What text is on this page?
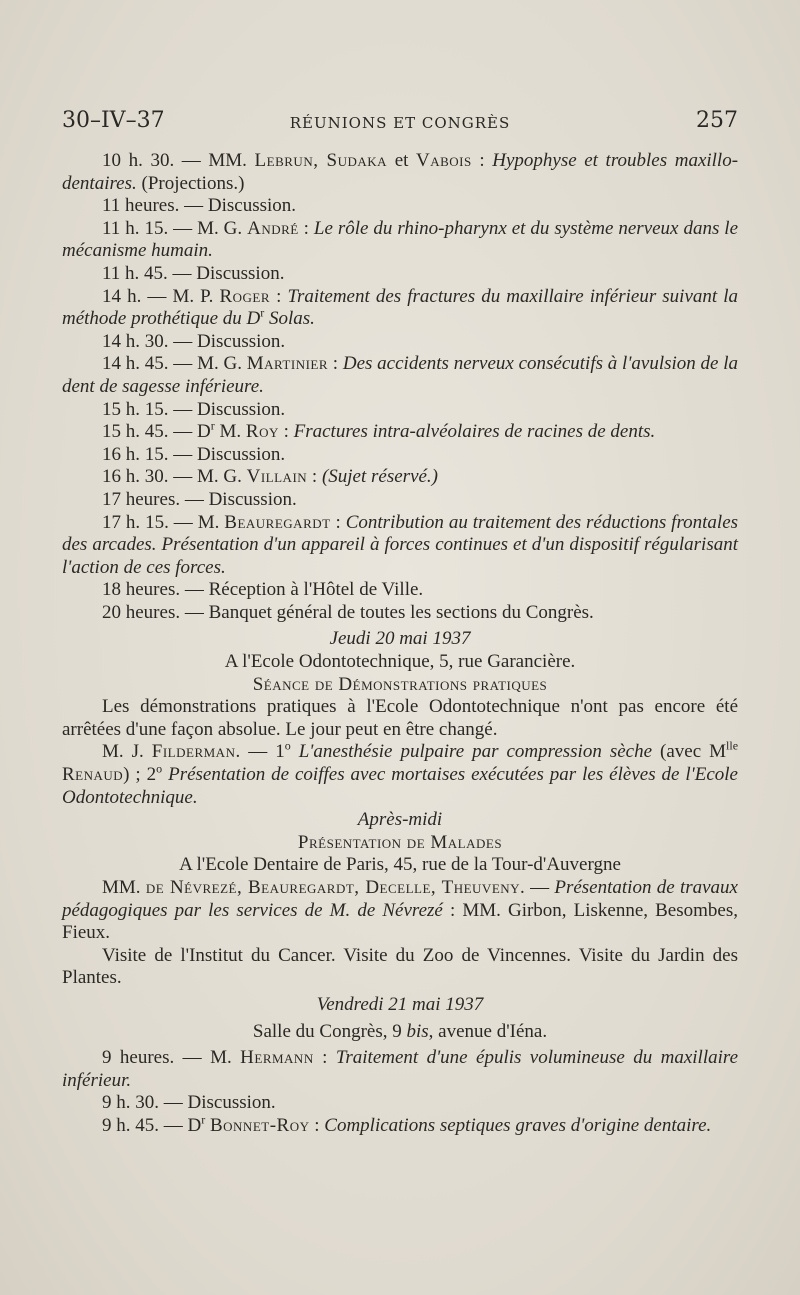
30–IV–37	RÉUNIONS ET CONGRÈS	257

10 h. 30. — MM. Lebrun, Sudaka et Vabois : Hypophyse et troubles maxillo-dentaires. (Projections.)

11 heures. — Discussion.

11 h. 15. — M. G. André : Le rôle du rhino-pharynx et du système nerveux dans le mécanisme humain.

11 h. 45. — Discussion.

14 h. — M. P. Roger : Traitement des fractures du maxillaire inférieur suivant la méthode prothétique du $D^r$ Solas.

14 h. 30. — Discussion.

14 h. 45. — M. G. Martinier : Des accidents nerveux consécutifs à l'avulsion de la dent de sagesse inférieure.

15 h. 15. — Discussion.

15 h. 45. — $D^r$ M. Roy : Fractures intra-alvéolaires de racines de dents.

16 h. 15. — Discussion.

16 h. 30. — M. G. Villain : (Sujet réservé.)

17 heures. — Discussion.

17 h. 15. — M. Beauregardt : Contribution au traitement des réductions frontales des arcades. Présentation d'un appareil à forces continues et d'un dispositif régularisant l'action de ces forces.

18 heures. — Réception à l'Hôtel de Ville.

20 heures. — Banquet général de toutes les sections du Congrès.

Jeudi 20 mai 1937

A l'Ecole Odontotechnique, 5, rue Garancière.

Séance de Démonstrations pratiques

Les démonstrations pratiques à l'Ecole Odontotechnique n'ont pas encore été arrêtées d'une façon absolue. Le jour peut en être changé.

M. J. Filderman. — 1$^o$ L'anesthésie pulpaire par compression sèche (avec $M^{lle}$ Renaud) ; 2$^o$ Présentation de coiffes avec mortaises exécutées par les élèves de l'Ecole Odontotechnique.

Après-midi

Présentation de Malades

A l'Ecole Dentaire de Paris, 45, rue de la Tour-d'Auvergne

MM. de Névrezé, Beauregardt, Decelle, Theuveny. — Présentation de travaux pédagogiques par les services de M. de Névrezé : MM. Girbon, Liskenne, Besombes, Fieux.

Visite de l'Institut du Cancer. Visite du Zoo de Vincennes. Visite du Jardin des Plantes.

Vendredi 21 mai 1937

Salle du Congrès, 9 bis, avenue d'Iéna.

9 heures. — M. Hermann : Traitement d'une épulis volumineuse du maxillaire inférieur.

9 h. 30. — Discussion.

9 h. 45. — $D^r$ Bonnet-Roy : Complications septiques graves d'origine dentaire.
